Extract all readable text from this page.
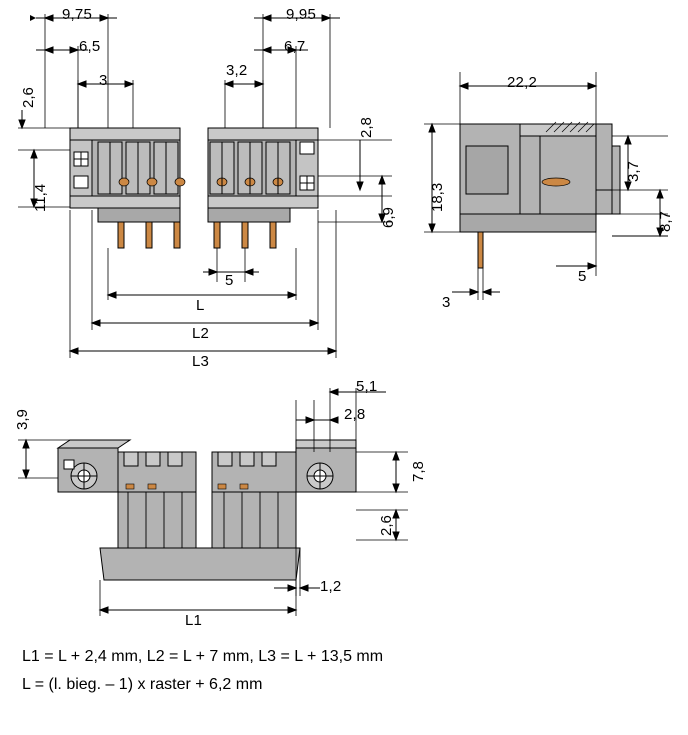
9,75
6,5
3
9,95
6,7
3,2
2,6
11,4
2,8
6,9
5
L
L2
L3
22,2
18,3
3,7
8,7
5
3
3,9
5,1
2,8
7,8
2,6
1,2
L1
L1 = L + 2,4 mm, L2 = L + 7 mm, L3 = L + 13,5 mm
L = (l. bieg. – 1) x raster + 6,2 mm
